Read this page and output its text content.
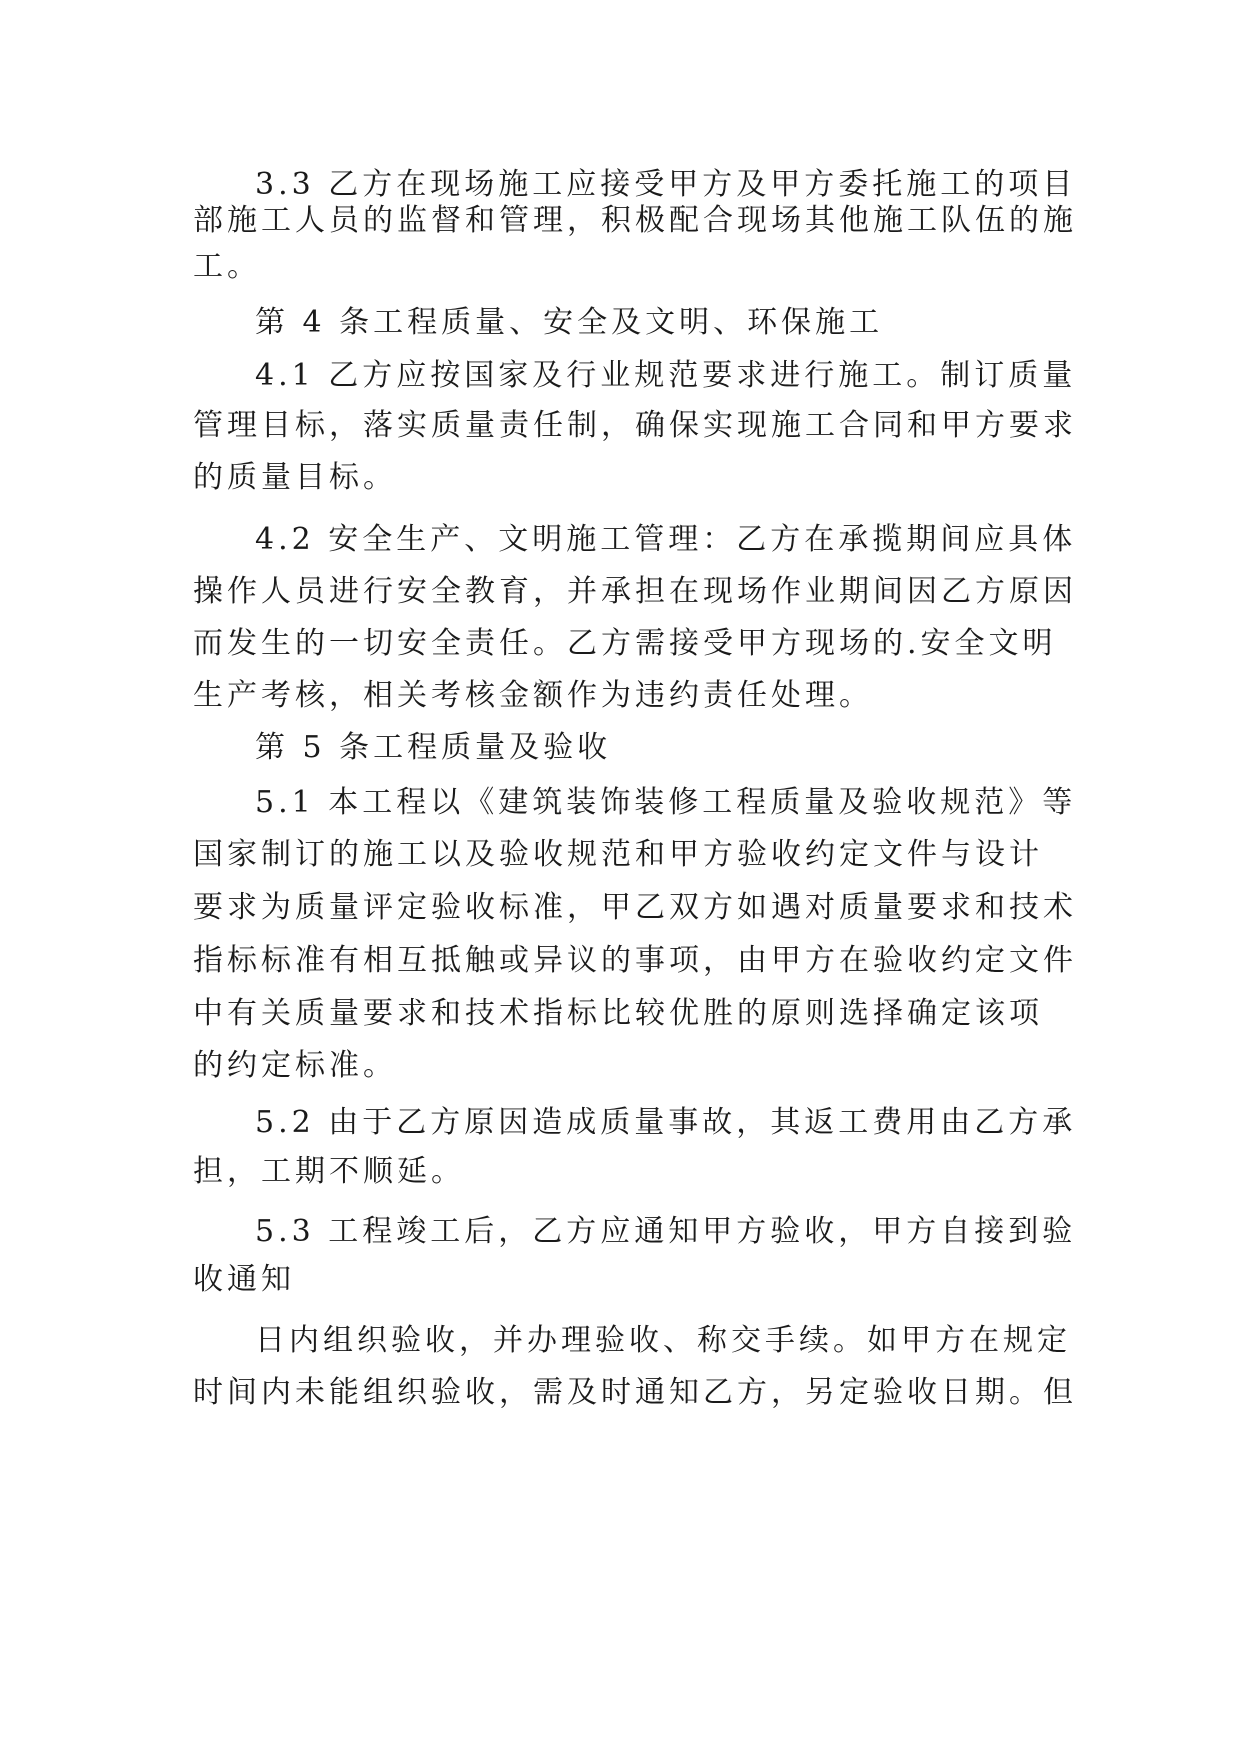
3.3 乙方在现场施工应接受甲方及甲方委托施工的项目
部施工人员的监督和管理，积极配合现场其他施工队伍的施
工。
第 4 条工程质量、安全及文明、环保施工
4.1 乙方应按国家及行业规范要求进行施工。制订质量
管理目标，落实质量责任制，确保实现施工合同和甲方要求
的质量目标。
4.2 安全生产、文明施工管理：乙方在承揽期间应具体
操作人员进行安全教育，并承担在现场作业期间因乙方原因
而发生的一切安全责任。乙方需接受甲方现场的.安全文明
生产考核，相关考核金额作为违约责任处理。
第 5 条工程质量及验收
5.1 本工程以《建筑装饰装修工程质量及验收规范》等
国家制订的施工以及验收规范和甲方验收约定文件与设计
要求为质量评定验收标准，甲乙双方如遇对质量要求和技术
指标标准有相互抵触或异议的事项，由甲方在验收约定文件
中有关质量要求和技术指标比较优胜的原则选择确定该项
的约定标准。
5.2 由于乙方原因造成质量事故，其返工费用由乙方承
担，工期不顺延。
5.3 工程竣工后，乙方应通知甲方验收，甲方自接到验
收通知
日内组织验收，并办理验收、称交手续。如甲方在规定
时间内未能组织验收，需及时通知乙方，另定验收日期。但
